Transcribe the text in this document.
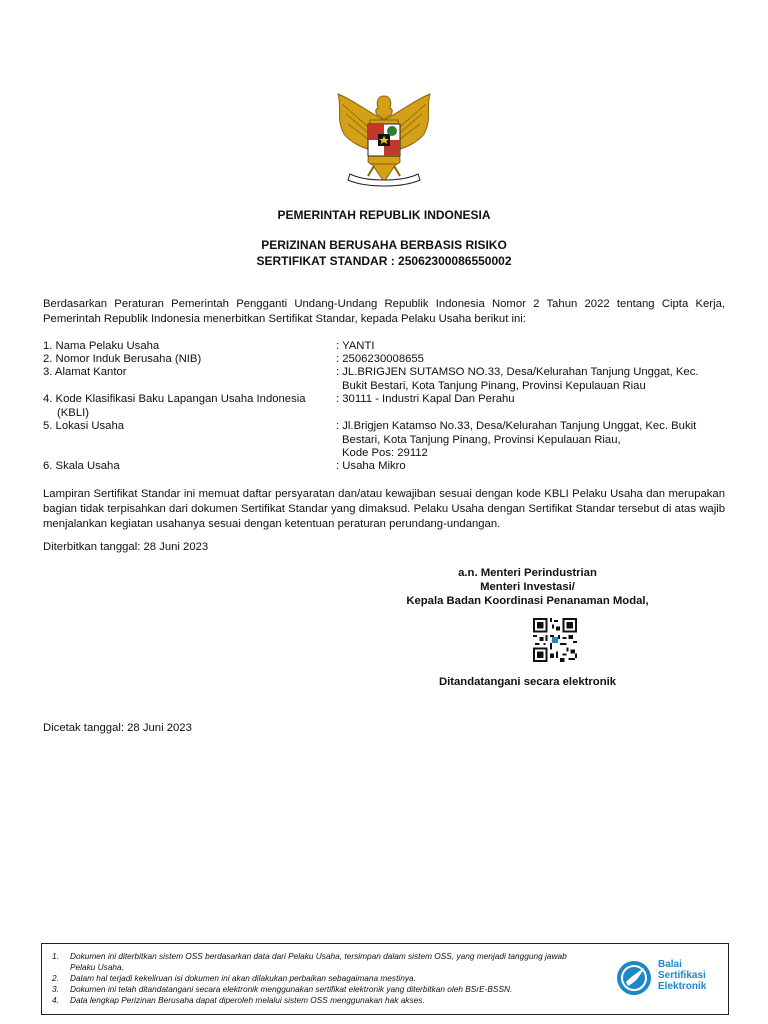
PEMERINTAH REPUBLIK INDONESIA
PERIZINAN BERUSAHA BERBASIS RISIKO
SERTIFIKAT STANDAR : 25062300086550002
Berdasarkan Peraturan Pemerintah Pengganti Undang-Undang Republik Indonesia Nomor 2 Tahun 2022 tentang Cipta Kerja, Pemerintah Republik Indonesia menerbitkan Sertifikat Standar, kepada Pelaku Usaha berikut ini:
1. Nama Pelaku Usaha	: YANTI
2. Nomor Induk Berusaha (NIB)	: 2506230008655
3. Alamat Kantor	: JL.BRIGJEN SUTAMSO NO.33, Desa/Kelurahan Tanjung Unggat, Kec.
Bukit Bestari, Kota Tanjung Pinang, Provinsi Kepulauan Riau
4. Kode Klasifikasi Baku Lapangan Usaha Indonesia
(KBLI)
: 30111 - Industri Kapal Dan Perahu
5. Lokasi Usaha	: Jl.Brigjen Katamso No.33, Desa/Kelurahan Tanjung Unggat, Kec. Bukit
Bestari, Kota Tanjung Pinang, Provinsi Kepulauan Riau,
Kode Pos: 29112
6. Skala Usaha	: Usaha Mikro
Lampiran Sertifikat Standar ini memuat daftar persyaratan dan/atau kewajiban sesuai dengan kode KBLI Pelaku Usaha dan merupakan bagian tidak terpisahkan dari dokumen Sertifikat Standar yang dimaksud. Pelaku Usaha dengan Sertifikat Standar tersebut di atas wajib menjalankan kegiatan usahanya sesuai dengan ketentuan peraturan perundang-undangan.
Diterbitkan tanggal: 28 Juni 2023
a.n. Menteri Perindustrian
Menteri Investasi/
Kepala Badan Koordinasi Penanaman Modal,
Ditandatangani secara elektronik
Dicetak tanggal: 28 Juni 2023
1. Dokumen ini diterbitkan sistem OSS berdasarkan data dari Pelaku Usaha, tersimpan dalam sistem OSS, yang menjadi tanggung jawab
Pelaku Usaha.
2. Dalam hal terjadi kekeliruan isi dokumen ini akan dilakukan perbaikan sebagaimana mestinya.
3. Dokumen ini telah ditandatangani secara elektronik menggunakan sertifikat elektronik yang diterbitkan oleh BSrE-BSSN.
4. Data lengkap Perizinan Berusaha dapat diperoleh melalui sistem OSS menggunakan hak akses.
Balai
Sertifikasi
Elektronik
